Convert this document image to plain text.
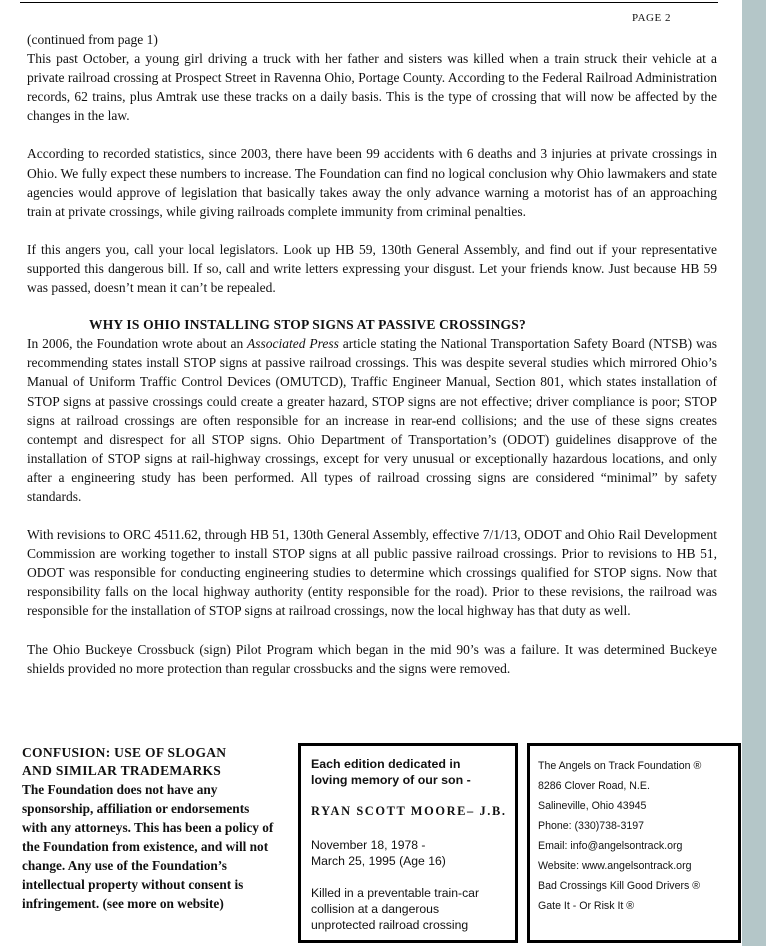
PAGE 2

(continued from page 1)

This past October, a young girl driving a truck with her father and sisters was killed when a train struck their vehicle at a private railroad crossing at Prospect Street in Ravenna Ohio, Portage County. According to the Federal Railroad Administration records, 62 trains, plus Amtrak use these tracks on a daily basis. This is the type of crossing that will now be affected by the changes in the law.

According to recorded statistics, since 2003, there have been 99 accidents with 6 deaths and 3 injuries at private crossings in Ohio. We fully expect these numbers to increase. The Foundation can find no logical conclusion why Ohio lawmakers and state agencies would approve of legislation that basically takes away the only advance warning a motorist has of an approaching train at private crossings, while giving railroads complete immunity from criminal penalties.

If this angers you, call your local legislators. Look up HB 59, 130th General Assembly, and find out if your representative supported this dangerous bill. If so, call and write letters expressing your disgust. Let your friends know. Just because HB 59 was passed, doesn’t mean it can’t be repealed.

WHY IS OHIO INSTALLING STOP SIGNS AT PASSIVE CROSSINGS?

In 2006, the Foundation wrote about an Associated Press article stating the National Transportation Safety Board (NTSB) was recommending states install STOP signs at passive railroad crossings. This was despite several studies which mirrored Ohio’s Manual of Uniform Traffic Control Devices (OMUTCD), Traffic Engineer Manual, Section 801, which states installation of STOP signs at passive crossings could create a greater hazard, STOP signs are not effective; driver compliance is poor; STOP signs at railroad crossings are often responsible for an increase in rear-end collisions; and the use of these signs creates contempt and disrespect for all STOP signs. Ohio Department of Transportation’s (ODOT) guidelines disapprove of the installation of STOP signs at rail-highway crossings, except for very unusual or exceptionally hazardous locations, and only after a engineering study has been performed. All types of railroad crossing signs are considered “minimal” by safety standards.

With revisions to ORC 4511.62, through HB 51, 130th General Assembly, effective 7/1/13, ODOT and Ohio Rail Development Commission are working together to install STOP signs at all public passive railroad crossings. Prior to revisions to HB 51, ODOT was responsible for conducting engineering studies to determine which crossings qualified for STOP signs. Now that responsibility falls on the local highway authority (entity responsible for the road). Prior to these revisions, the railroad was responsible for the installation of STOP signs at railroad crossings, now the local highway has that duty as well.

The Ohio Buckeye Crossbuck (sign) Pilot Program which began in the mid 90’s was a failure. It was determined Buckeye shields provided no more protection than regular crossbucks and the signs were removed.

CONFUSION: USE OF SLOGAN
AND SIMILAR TRADEMARKS
The Foundation does not have any sponsorship, affiliation or endorsements with any attorneys. This has been a policy of the Foundation from existence, and will not change. Any use of the Foundation’s intellectual property without consent is infringement. (see more on website)
Each edition dedicated in
loving memory of our son -
RYAN SCOTT MOORE– J.B.
November 18, 1978 -
March 25, 1995 (Age 16)
Killed in a preventable train-car
collision at a dangerous
unprotected railroad crossing
The Angels on Track Foundation ®
8286 Clover Road, N.E.
Salineville, Ohio 43945
Phone: (330)738-3197
Email: info@angelsontrack.org
Website: www.angelsontrack.org
Bad Crossings Kill Good Drivers ®
Gate It - Or Risk It ®
